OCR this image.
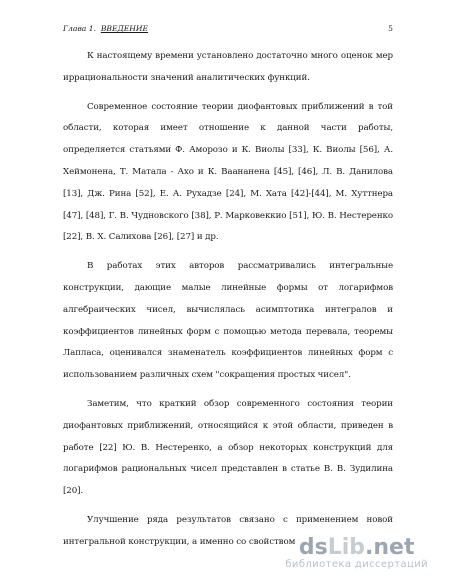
Глава 1. ВВЕДЕНИЕ	5

К настоящему времени установлено достаточно много оценок мер иррациональности значений аналитических функций.

Современное состояние теории диофантовых приближений в той области, которая имеет отношение к данной части работы, определяется статьями Ф. Аморозо и К. Виолы [33], К. Виолы [56], А. Хеймонена, Т. Матала - Ахо и К. Ваананена [45], [46], Л. В. Даниловa [13], Дж. Рина [52], Е. А. Рухадзе [24], М. Хата [42]-[44], М. Хуттнера [47], [48], Г. В. Чудновского [38], Р. Марковеккио [51], Ю. В. Нестеренко [22], В. Х. Салихова [26], [27] и др.

В работах этих авторов рассматривались интегральные конструкции, дающие малые линейные формы от логарифмов алгебраических чисел, вычислялась асимптотика интегралов и коэффициентов линейных форм с помощью метода перевала, теоремы Лапласа, оценивался знаменатель коэффициентов линейных форм с использованием различных схем "сокращения простых чисел".

Заметим, что краткий обзор современного состояния теории диофантовых приближений, относящийся к этой области, приведен в работе [22] Ю. В. Нестеренко, а обзор некоторых конструкций для логарифмов рациональных чисел представлен в статье В. В. Зудилина [20].

Улучшение ряда результатов связано с применением новой интегральной конструкции, а именно со свойством dsLib.net
библиотека диссертаций
